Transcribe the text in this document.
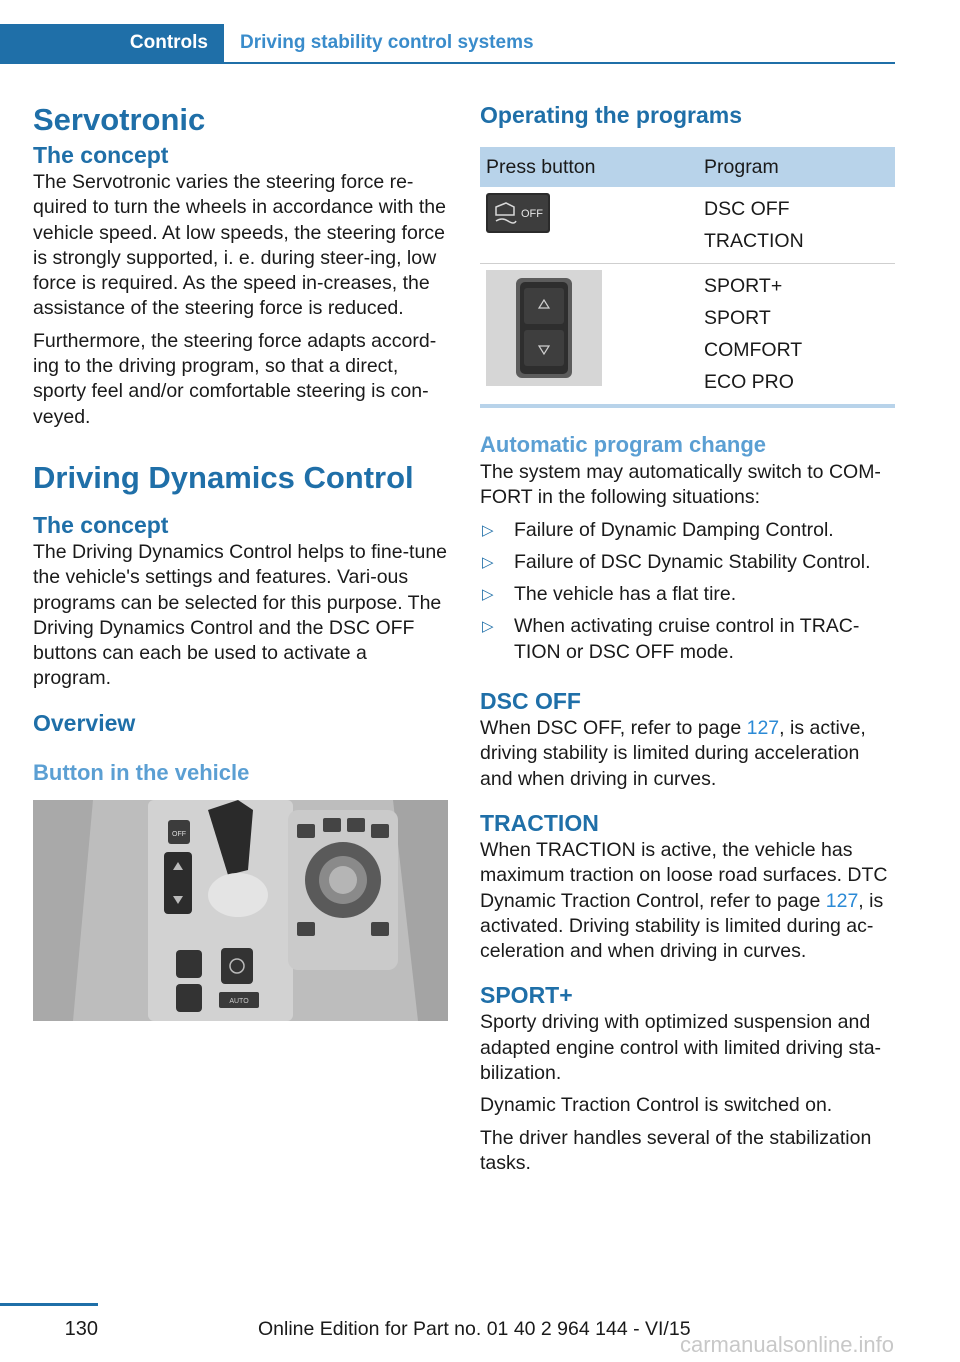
Controls	Driving stability control systems
Servotronic
The concept

The Servotronic varies the steering force re‐quired to turn the wheels in accordance with the vehicle speed. At low speeds, the steering force is strongly supported, i. e. during steer‐ing, low force is required. As the speed in‐creases, the assistance of the steering force is reduced.

Furthermore, the steering force adapts accord‐ing to the driving program, so that a direct, sporty feel and/or comfortable steering is con‐veyed.

Driving Dynamics Control
The concept

The Driving Dynamics Control helps to fine-tune the vehicle's settings and features. Vari‐ous programs can be selected for this purpose. The Driving Dynamics Control and the DSC OFF buttons can each be used to activate a program.

Overview
Button in the vehicle
OFF
AUTO
Operating the programs
Press button	Program

OFF	DSC OFF
TRACTION

SPORT+
SPORT
COMFORT
ECO PRO
Automatic program change

The system may automatically switch to COM‐FORT in the following situations:

▷ Failure of Dynamic Damping Control.
▷ Failure of DSC Dynamic Stability Control.
▷ The vehicle has a flat tire.
▷ When activating cruise control in TRAC‐TION or DSC OFF mode.
DSC OFF

When DSC OFF, refer to page 127, is active, driving stability is limited during acceleration and when driving in curves.

TRACTION

When TRACTION is active, the vehicle has maximum traction on loose road surfaces. DTC Dynamic Traction Control, refer to page 127, is activated. Driving stability is limited during ac‐celeration and when driving in curves.

SPORT+

Sporty driving with optimized suspension and adapted engine control with limited driving sta‐bilization.

Dynamic Traction Control is switched on.

The driver handles several of the stabilization tasks.

130	Online Edition for Part no. 01 40 2 964 144 - VI/15
carmanualsonline.info
